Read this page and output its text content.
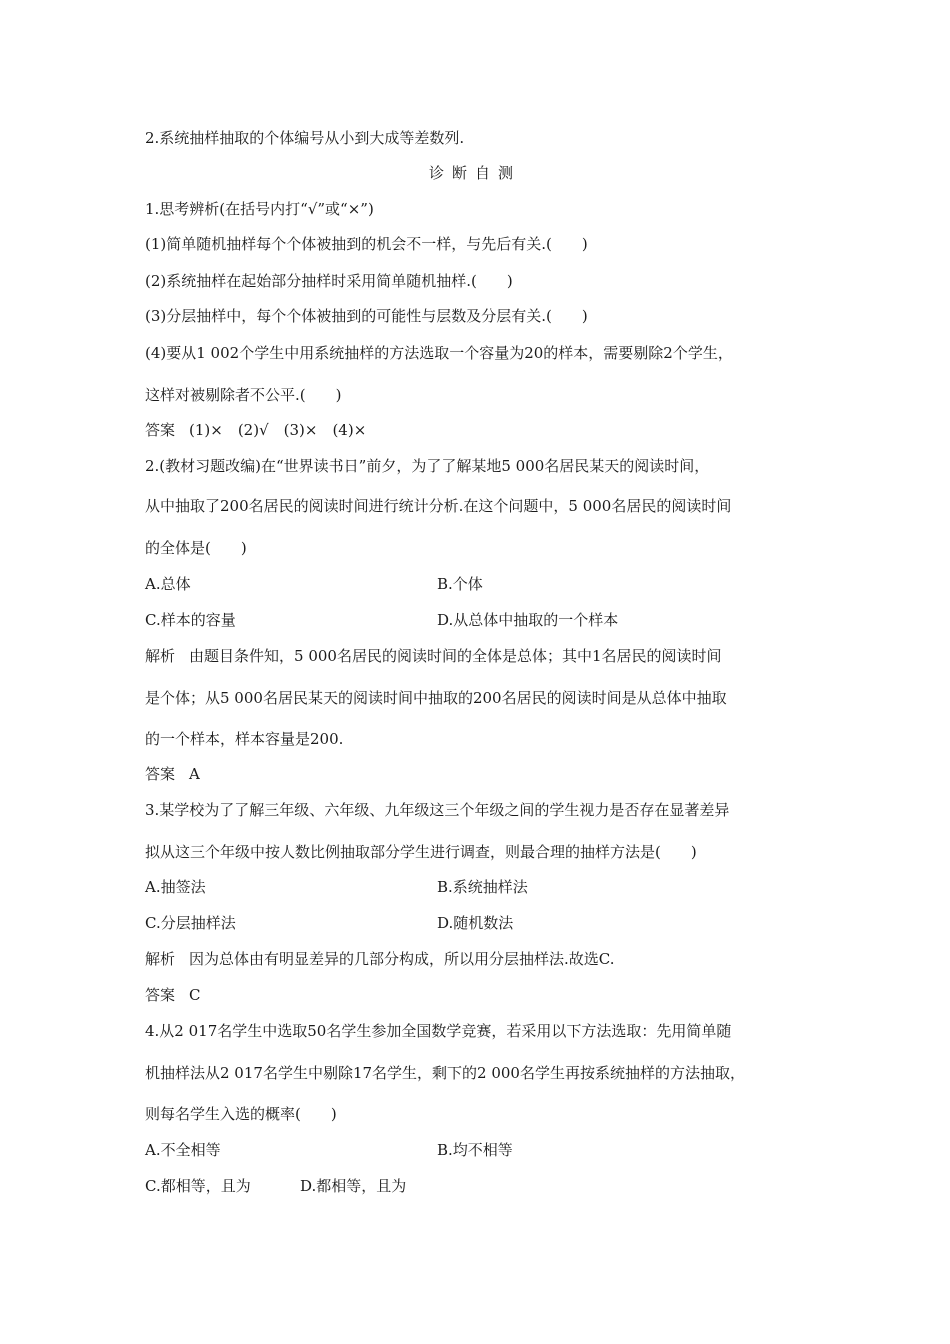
2.系统抽样抽取的个体编号从小到大成等差数列.
诊断自测
1.思考辨析(在括号内打“√”或“×”)
(1)简单随机抽样每个个体被抽到的机会不一样，与先后有关.(　　)
(2)系统抽样在起始部分抽样时采用简单随机抽样.(　　)
(3)分层抽样中，每个个体被抽到的可能性与层数及分层有关.(　　)
(4)要从1 002个学生中用系统抽样的方法选取一个容量为20的样本，需要剔除2个学生，
这样对被剔除者不公平.(　　)
答案 (1)×　(2)√　(3)×　(4)×
2.(教材习题改编)在“世界读书日”前夕，为了了解某地5 000名居民某天的阅读时间，
从中抽取了200名居民的阅读时间进行统计分析.在这个问题中，5 000名居民的阅读时间
的全体是(　　)
A.总体	B.个体
C.样本的容量	D.从总体中抽取的一个样本
解析 由题目条件知，5 000名居民的阅读时间的全体是总体；其中1名居民的阅读时间
是个体；从5 000名居民某天的阅读时间中抽取的200名居民的阅读时间是从总体中抽取
的一个样本，样本容量是200.
答案 A
3.某学校为了了解三年级、六年级、九年级这三个年级之间的学生视力是否存在显著差异
拟从这三个年级中按人数比例抽取部分学生进行调查，则最合理的抽样方法是(　　)
A.抽签法	B.系统抽样法
C.分层抽样法	D.随机数法
解析 因为总体由有明显差异的几部分构成，所以用分层抽样法.故选C.
答案 C
4.从2 017名学生中选取50名学生参加全国数学竞赛，若采用以下方法选取：先用简单随
机抽样法从2 017名学生中剔除17名学生，剩下的2 000名学生再按系统抽样的方法抽取，
则每名学生入选的概率(　　)
A.不全相等	B.均不相等
C.都相等，且为	D.都相等，且为
